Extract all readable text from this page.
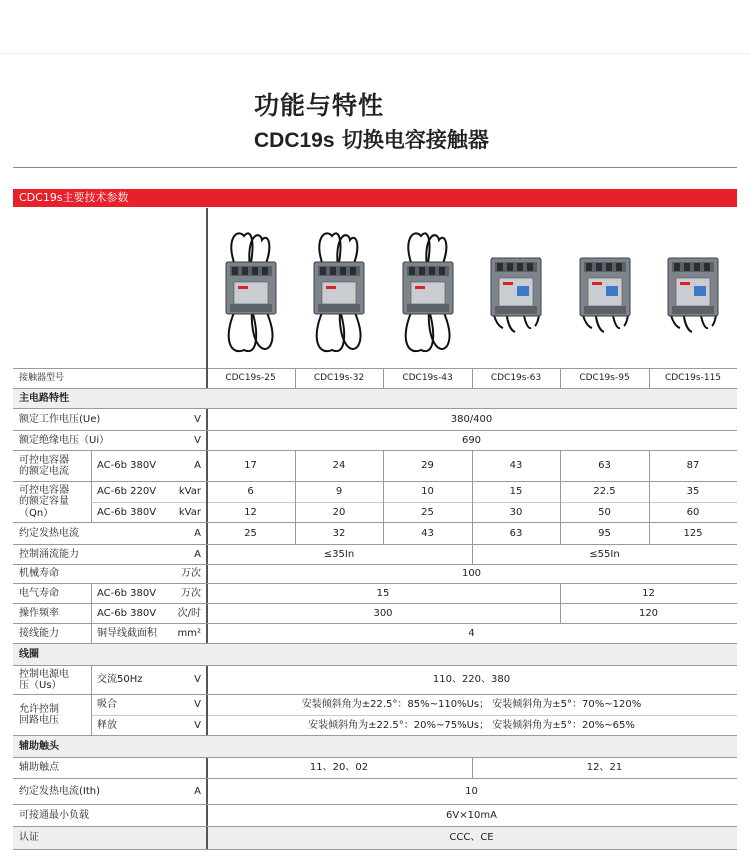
功能与特性
CDC19s 切换电容接触器
CDC19s主要技术参数
接触器型号	CDC19s-25	CDC19s-32	CDC19s-43	CDC19s-63	CDC19s-95	CDC19s-115
主电路特性
额定工作电压(Ue)	V	380/400
额定绝缘电压（Ui）	V	690
可控电容器
的额定电流
AC-6b 380V	A	17	24	29	43	63	87
可控电容器
的额定容量
（Qn）
AC-6b 220V	kVar	6	9	10	15	22.5	35
AC-6b 380V	kVar	12	20	25	30	50	60
约定发热电流	A	25	32	43	63	95	125
控制涌流能力	A	≤35In	≤55In
机械寿命	万次	100
电气寿命	AC-6b 380V	万次	15	12
操作频率	AC-6b 380V	次/时	300	120
接线能力	铜导线截面积	mm²	4
线圈
控制电源电
压（Us）
交流50Hz	V	110、220、380
允许控制
回路电压
吸合	V	安装倾斜角为±22.5°：85%~110%Us； 安装倾斜角为±5°：70%~120%
释放	V	安装倾斜角为±22.5°：20%~75%Us； 安装倾斜角为±5°：20%~65%
辅助触头
辅助触点	11、20、02	12、21
约定发热电流(Ith)	A	10
可接通最小负载	6V×10mA
认证	CCC、CE
